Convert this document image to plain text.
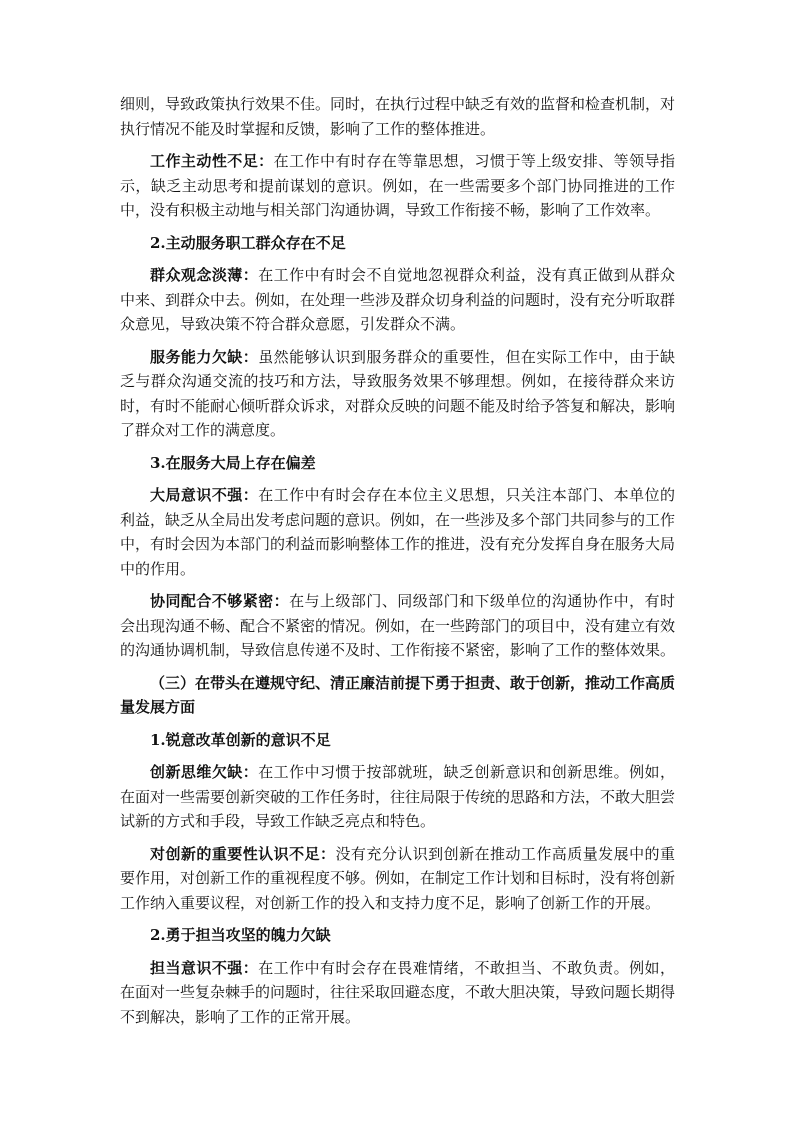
细则，导致政策执行效果不佳。同时，在执行过程中缺乏有效的监督和检查机制，对执行情况不能及时掌握和反馈，影响了工作的整体推进。

工作主动性不足：在工作中有时存在等靠思想，习惯于等上级安排、等领导指示，缺乏主动思考和提前谋划的意识。例如，在一些需要多个部门协同推进的工作中，没有积极主动地与相关部门沟通协调，导致工作衔接不畅，影响了工作效率。

2.主动服务职工群众存在不足

群众观念淡薄：在工作中有时会不自觉地忽视群众利益，没有真正做到从群众中来、到群众中去。例如，在处理一些涉及群众切身利益的问题时，没有充分听取群众意见，导致决策不符合群众意愿，引发群众不满。

服务能力欠缺：虽然能够认识到服务群众的重要性，但在实际工作中，由于缺乏与群众沟通交流的技巧和方法，导致服务效果不够理想。例如，在接待群众来访时，有时不能耐心倾听群众诉求，对群众反映的问题不能及时给予答复和解决，影响了群众对工作的满意度。

3.在服务大局上存在偏差

大局意识不强：在工作中有时会存在本位主义思想，只关注本部门、本单位的利益，缺乏从全局出发考虑问题的意识。例如，在一些涉及多个部门共同参与的工作中，有时会因为本部门的利益而影响整体工作的推进，没有充分发挥自身在服务大局中的作用。

协同配合不够紧密：在与上级部门、同级部门和下级单位的沟通协作中，有时会出现沟通不畅、配合不紧密的情况。例如，在一些跨部门的项目中，没有建立有效的沟通协调机制，导致信息传递不及时、工作衔接不紧密，影响了工作的整体效果。

（三）在带头在遵规守纪、清正廉洁前提下勇于担责、敢于创新，推动工作高质量发展方面

1.锐意改革创新的意识不足

创新思维欠缺：在工作中习惯于按部就班，缺乏创新意识和创新思维。例如，在面对一些需要创新突破的工作任务时，往往局限于传统的思路和方法，不敢大胆尝试新的方式和手段，导致工作缺乏亮点和特色。

对创新的重要性认识不足：没有充分认识到创新在推动工作高质量发展中的重要作用，对创新工作的重视程度不够。例如，在制定工作计划和目标时，没有将创新工作纳入重要议程，对创新工作的投入和支持力度不足，影响了创新工作的开展。

2.勇于担当攻坚的魄力欠缺

担当意识不强：在工作中有时会存在畏难情绪，不敢担当、不敢负责。例如，在面对一些复杂棘手的问题时，往往采取回避态度，不敢大胆决策，导致问题长期得不到解决，影响了工作的正常开展。
